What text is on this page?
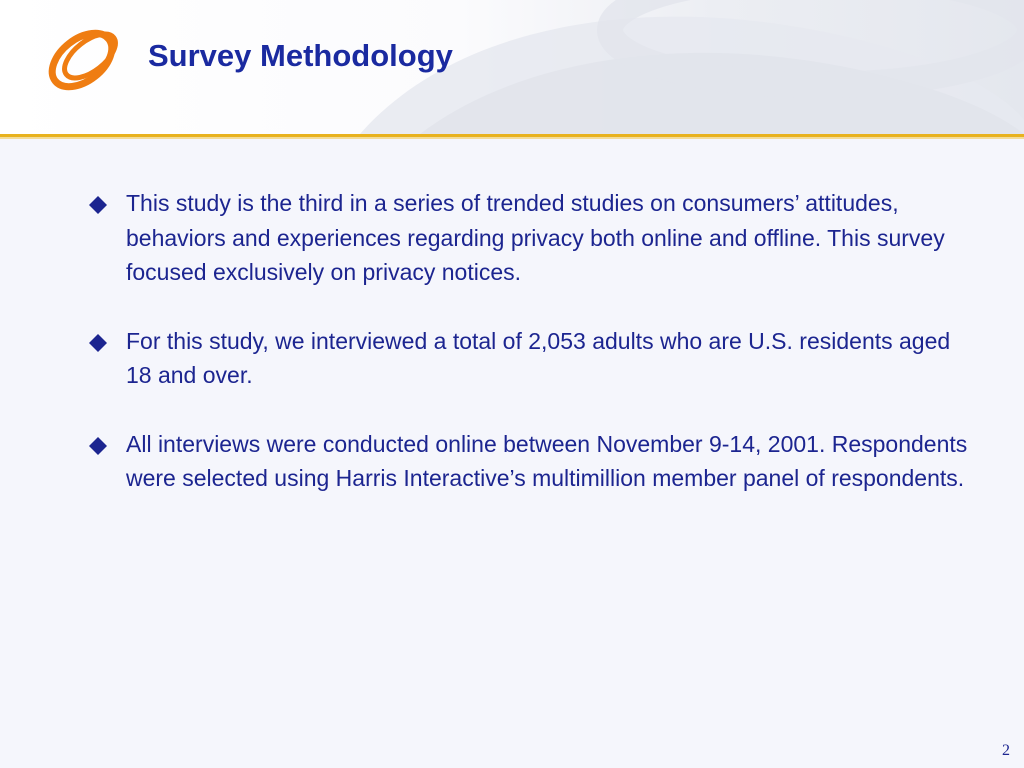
Survey Methodology
This study is the third in a series of trended studies on consumers’ attitudes, behaviors and experiences regarding privacy both online and offline. This survey focused exclusively on privacy notices.
For this study, we interviewed a total of 2,053 adults who are U.S. residents aged 18 and over.
All interviews were conducted online between November 9-14, 2001. Respondents were selected using Harris Interactive’s multimillion member panel of respondents.
2
